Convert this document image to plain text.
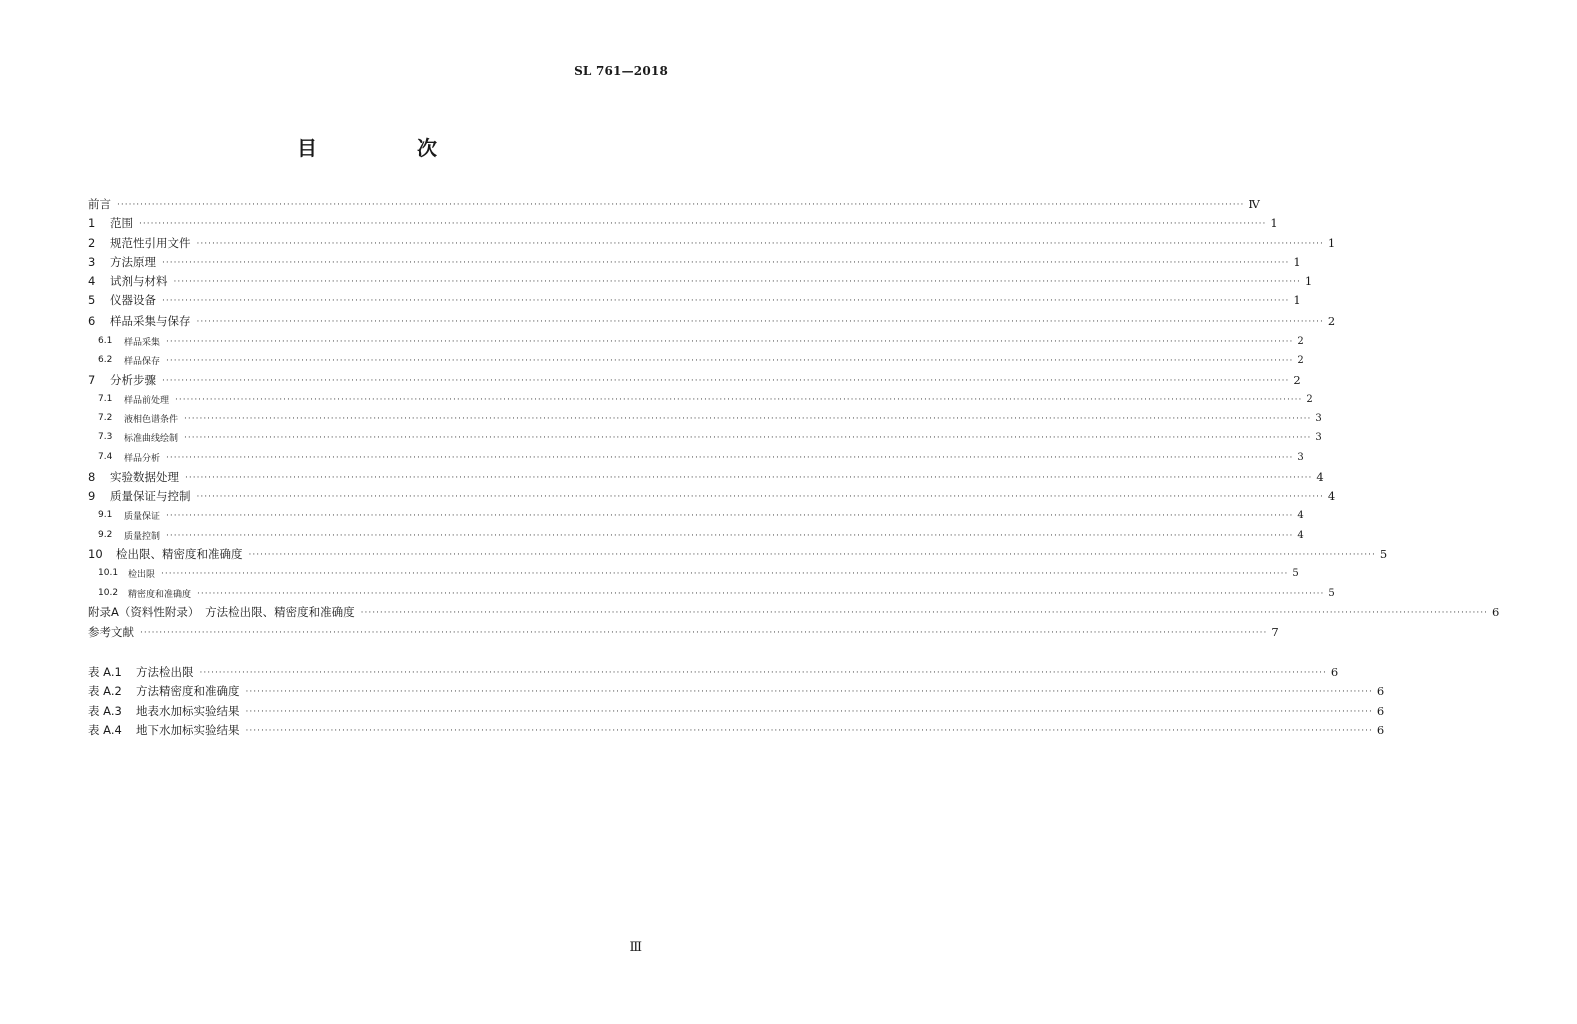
SL 761—2018
目　次
前言 ·····	Ⅳ
1	范围 ·····	1
2	规范性引用文件 ·····	1
3	方法原理 ·····	1
4	试剂与材料 ·····	1
5	仪器设备 ·····	1
6	样品采集与保存 ·····	2
6.1	样品采集 ·····	2
6.2	样品保存 ·····	2
7	分析步骤 ·····	2
7.1	样品前处理 ·····	2
7.2	液相色谱条件 ·····	3
7.3	标准曲线绘制 ·····	3
7.4	样品分析 ·····	3
8	实验数据处理 ·····	4
9	质量保证与控制 ·····	4
9.1	质量保证 ·····	4
9.2	质量控制 ·····	4
10	检出限、精密度和准确度 ·····	5
10.1	检出限 ·····	5
10.2	精密度和准确度 ·····	5
附录A（资料性附录）　方法检出限、精密度和准确度 ·····	6
参考文献 ·····	7
表 A.1	方法检出限 ·····	6
表 A.2	方法精密度和准确度 ·····	6
表 A.3	地表水加标实验结果 ·····	6
表 A.4	地下水加标实验结果 ·····	6
Ⅲ
